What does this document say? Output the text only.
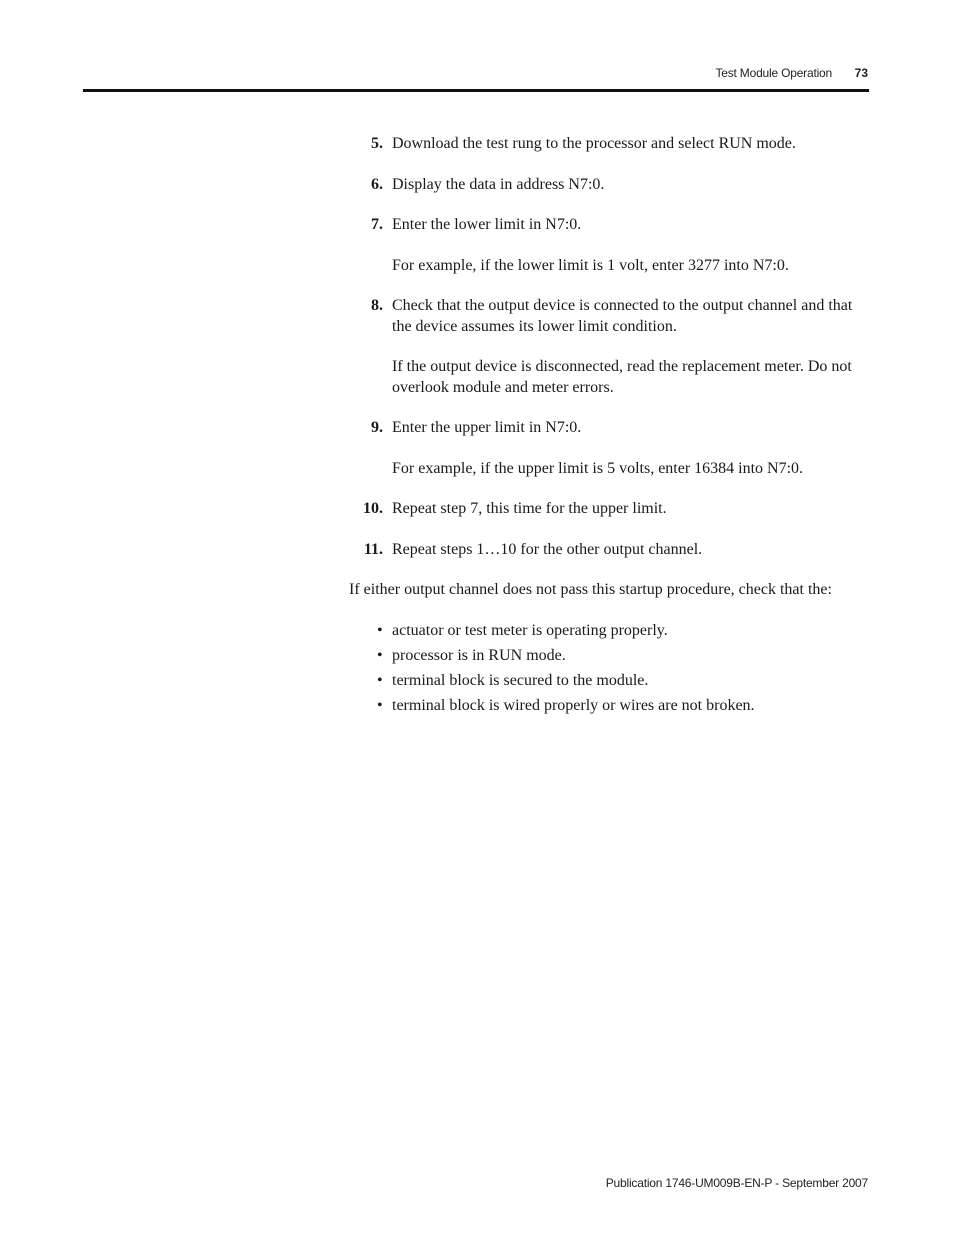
Test Module Operation 73
5. Download the test rung to the processor and select RUN mode.

6. Display the data in address N7:0.

7. Enter the lower limit in N7:0.

For example, if the lower limit is 1 volt, enter 3277 into N7:0.

8. Check that the output device is connected to the output channel and that the device assumes its lower limit condition.

If the output device is disconnected, read the replacement meter. Do not overlook module and meter errors.

9. Enter the upper limit in N7:0.

For example, if the upper limit is 5 volts, enter 16384 into N7:0.

10. Repeat step 7, this time for the upper limit.

11. Repeat steps 1…10 for the other output channel.

If either output channel does not pass this startup procedure, check that the:

• actuator or test meter is operating properly.
• processor is in RUN mode.
• terminal block is secured to the module.
• terminal block is wired properly or wires are not broken.
Publication 1746-UM009B-EN-P - September 2007
